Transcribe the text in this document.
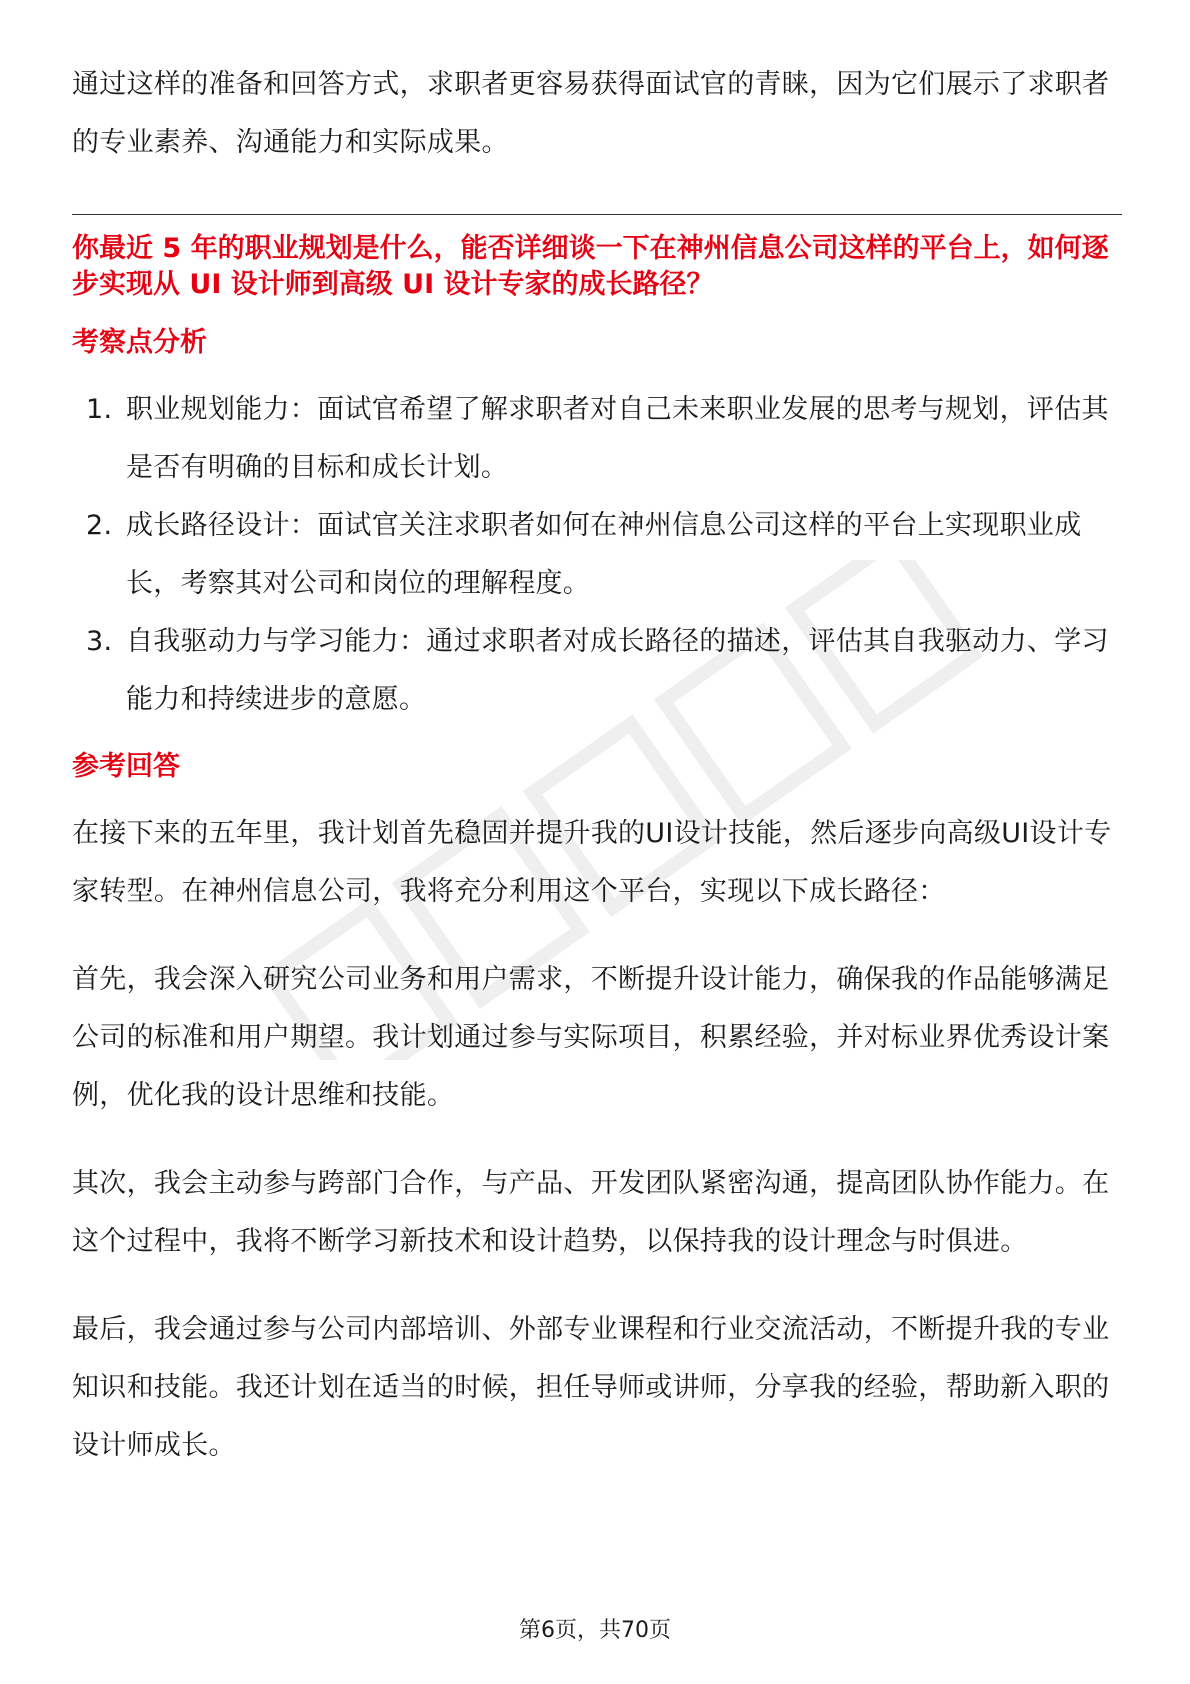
通过这样的准备和回答方式，求职者更容易获得面试官的青睐，因为它们展示了求职者的专业素养、沟通能力和实际成果。

你最近 5 年的职业规划是什么，能否详细谈一下在神州信息公司这样的平台上，如何逐步实现从 UI 设计师到高级 UI 设计专家的成长路径？

考察点分析
1. 职业规划能力：面试官希望了解求职者对自己未来职业发展的思考与规划，评估其是否有明确的目标和成长计划。
2. 成长路径设计：面试官关注求职者如何在神州信息公司这样的平台上实现职业成长，考察其对公司和岗位的理解程度。
3. 自我驱动力与学习能力：通过求职者对成长路径的描述，评估其自我驱动力、学习能力和持续进步的意愿。
参考回答

在接下来的五年里，我计划首先稳固并提升我的UI设计技能，然后逐步向高级UI设计专家转型。在神州信息公司，我将充分利用这个平台，实现以下成长路径：

首先，我会深入研究公司业务和用户需求，不断提升设计能力，确保我的作品能够满足公司的标准和用户期望。我计划通过参与实际项目，积累经验，并对标业界优秀设计案例，优化我的设计思维和技能。

其次，我会主动参与跨部门合作，与产品、开发团队紧密沟通，提高团队协作能力。在这个过程中，我将不断学习新技术和设计趋势，以保持我的设计理念与时俱进。

最后，我会通过参与公司内部培训、外部专业课程和行业交流活动，不断提升我的专业知识和技能。我还计划在适当的时候，担任导师或讲师，分享我的经验，帮助新入职的设计师成长。

第6页，共70页
